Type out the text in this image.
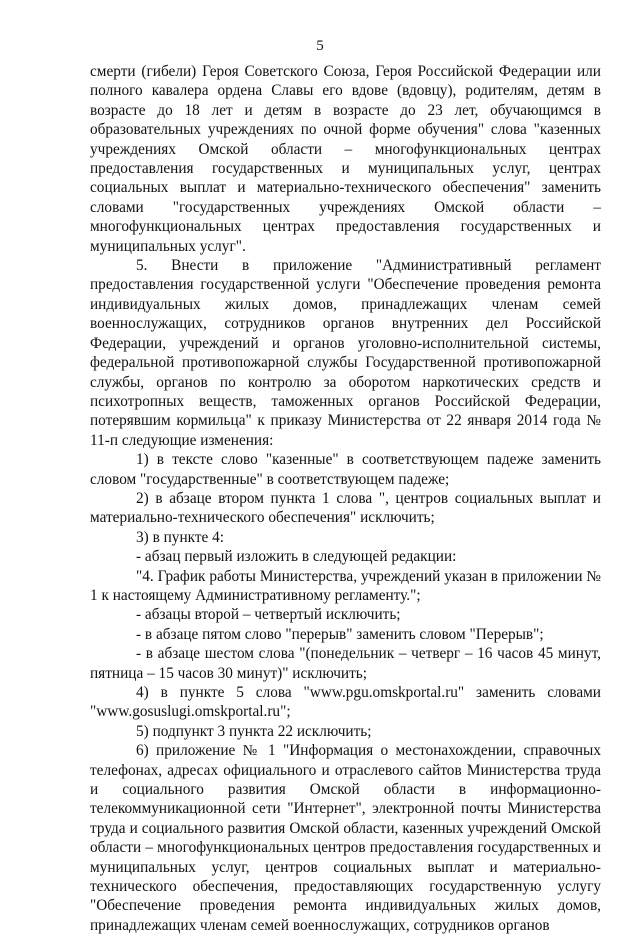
5

смерти (гибели) Героя Советского Союза, Героя Российской Федерации или полного кавалера ордена Славы его вдове (вдовцу), родителям, детям в возрасте до 18 лет и детям в возрасте до 23 лет, обучающимся в образовательных учреждениях по очной форме обучения" слова "казенных учреждениях Омской области – многофункциональных центрах предоставления государственных и муниципальных услуг, центрах социальных выплат и материально-технического обеспечения" заменить словами "государственных учреждениях Омской области – многофункциональных центрах предоставления государственных и муниципальных услуг".

5. Внести в приложение "Административный регламент предоставления государственной услуги "Обеспечение проведения ремонта индивидуальных жилых домов, принадлежащих членам семей военнослужащих, сотрудников органов внутренних дел Российской Федерации, учреждений и органов уголовно-исполнительной системы, федеральной противопожарной службы Государственной противопожарной службы, органов по контролю за оборотом наркотических средств и психотропных веществ, таможенных органов Российской Федерации, потерявшим кормильца" к приказу Министерства от 22 января 2014 года № 11-п следующие изменения:

1) в тексте слово "казенные" в соответствующем падеже заменить словом "государственные" в соответствующем падеже;

2) в абзаце втором пункта 1 слова ", центров социальных выплат и материально-технического обеспечения" исключить;

3) в пункте 4:

- абзац первый изложить в следующей редакции:

"4. График работы Министерства, учреждений указан в приложении № 1 к настоящему Административному регламенту.";

- абзацы второй – четвертый исключить;

- в абзаце пятом слово "перерыв" заменить словом "Перерыв";

- в абзаце шестом слова "(понедельник – четверг – 16 часов 45 минут, пятница – 15 часов 30 минут)" исключить;

4) в пункте 5 слова "www.pgu.omskportal.ru" заменить словами "www.gosuslugi.omskportal.ru";

5) подпункт 3 пункта 22 исключить;

6) приложение № 1 "Информация о местонахождении, справочных телефонах, адресах официального и отраслевого сайтов Министерства труда и социального развития Омской области в информационно-телекоммуникационной сети "Интернет", электронной почты Министерства труда и социального развития Омской области, казенных учреждений Омской области – многофункциональных центров предоставления государственных и муниципальных услуг, центров социальных выплат и материально-технического обеспечения, предоставляющих государственную услугу "Обеспечение проведения ремонта индивидуальных жилых домов, принадлежащих членам семей военнослужащих, сотрудников органов
